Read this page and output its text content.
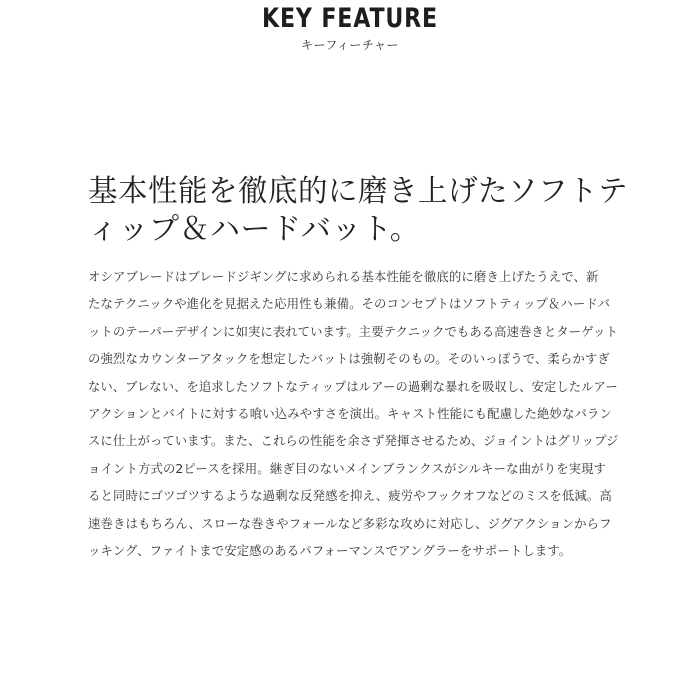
KEY FEATURE
キーフィーチャー
基本性能を徹底的に磨き上げたソフトテ
ィップ＆ハードバット。
オシアブレードはブレードジギングに求められる基本性能を徹底的に磨き上げたうえで、新
たなテクニックや進化を見据えた応用性も兼備。そのコンセプトはソフトティップ＆ハードバ
ットのテーパーデザインに如実に表れています。主要テクニックでもある高速巻きとターゲット
の強烈なカウンターアタックを想定したバットは強靭そのもの。そのいっぽうで、柔らかすぎ
ない、ブレない、を追求したソフトなティップはルアーの過剰な暴れを吸収し、安定したルアー
アクションとバイトに対する喰い込みやすさを演出。キャスト性能にも配慮した絶妙なバラン
スに仕上がっています。また、これらの性能を余さず発揮させるため、ジョイントはグリップジ
ョイント方式の2ピースを採用。継ぎ目のないメインブランクスがシルキーな曲がりを実現す
ると同時にゴツゴツするような過剰な反発感を抑え、疲労やフックオフなどのミスを低減。高
速巻きはもちろん、スローな巻きやフォールなど多彩な攻めに対応し、ジグアクションからフ
ッキング、ファイトまで安定感のあるパフォーマンスでアングラーをサポートします。
